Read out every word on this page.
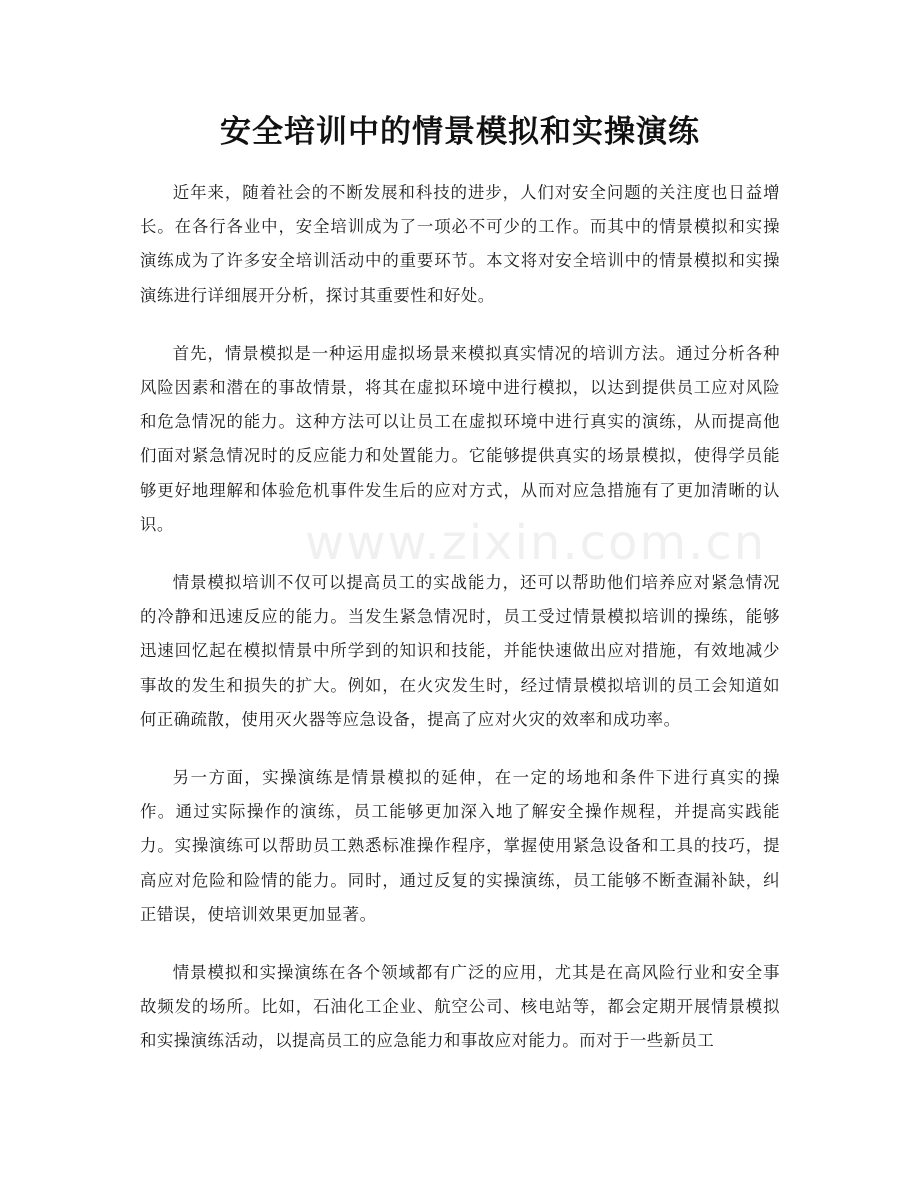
安全培训中的情景模拟和实操演练

近年来，随着社会的不断发展和科技的进步，人们对安全问题的关注度也日益增长。在各行各业中，安全培训成为了一项必不可少的工作。而其中的情景模拟和实操演练成为了许多安全培训活动中的重要环节。本文将对安全培训中的情景模拟和实操演练进行详细展开分析，探讨其重要性和好处。

首先，情景模拟是一种运用虚拟场景来模拟真实情况的培训方法。通过分析各种风险因素和潜在的事故情景，将其在虚拟环境中进行模拟，以达到提供员工应对风险和危急情况的能力。这种方法可以让员工在虚拟环境中进行真实的演练，从而提高他们面对紧急情况时的反应能力和处置能力。它能够提供真实的场景模拟，使得学员能够更好地理解和体验危机事件发生后的应对方式，从而对应急措施有了更加清晰的认识。

情景模拟培训不仅可以提高员工的实战能力，还可以帮助他们培养应对紧急情况的冷静和迅速反应的能力。当发生紧急情况时，员工受过情景模拟培训的操练，能够迅速回忆起在模拟情景中所学到的知识和技能，并能快速做出应对措施，有效地减少事故的发生和损失的扩大。例如，在火灾发生时，经过情景模拟培训的员工会知道如何正确疏散，使用灭火器等应急设备，提高了应对火灾的效率和成功率。

另一方面，实操演练是情景模拟的延伸，在一定的场地和条件下进行真实的操作。通过实际操作的演练，员工能够更加深入地了解安全操作规程，并提高实践能力。实操演练可以帮助员工熟悉标准操作程序，掌握使用紧急设备和工具的技巧，提高应对危险和险情的能力。同时，通过反复的实操演练，员工能够不断查漏补缺，纠正错误，使培训效果更加显著。

情景模拟和实操演练在各个领域都有广泛的应用，尤其是在高风险行业和安全事故频发的场所。比如，石油化工企业、航空公司、核电站等，都会定期开展情景模拟和实操演练活动，以提高员工的应急能力和事故应对能力。而对于一些新员工

www.zixin.com.cn
